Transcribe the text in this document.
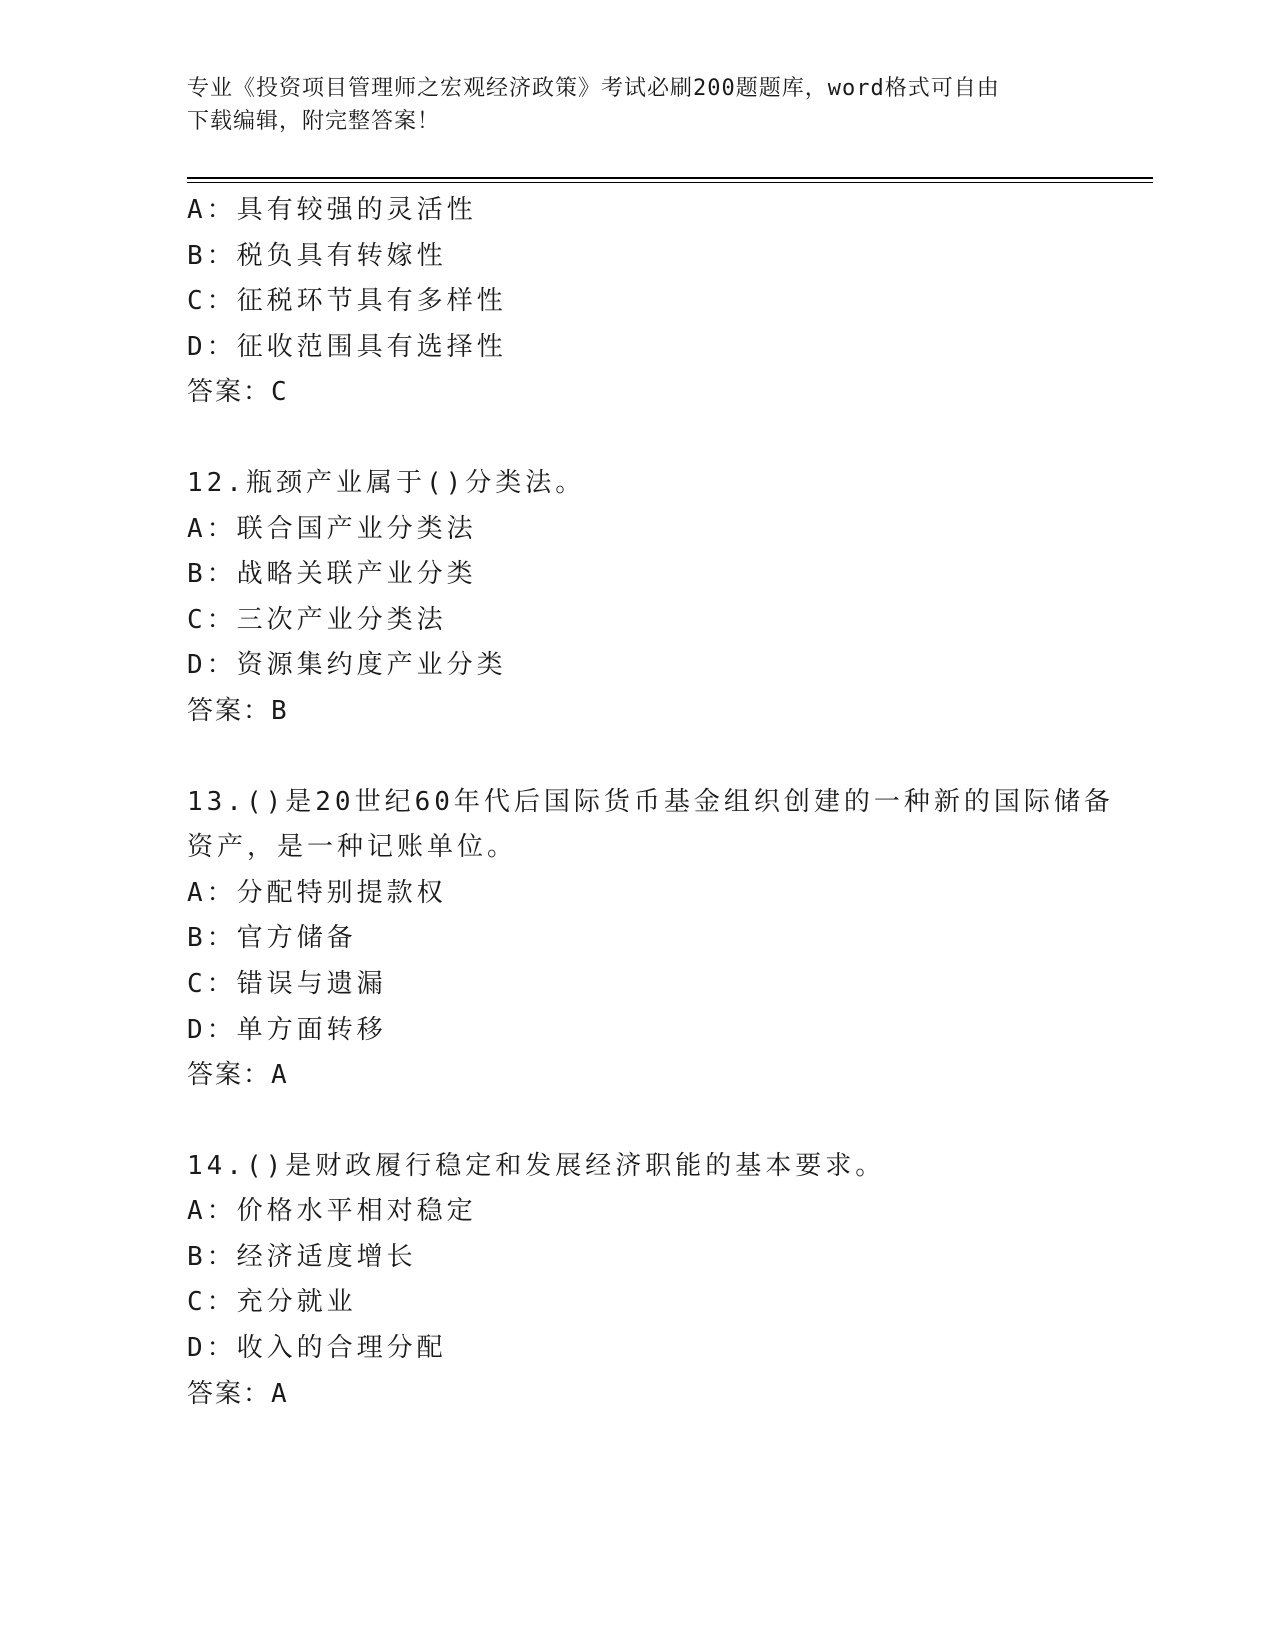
专业《投资项目管理师之宏观经济政策》考试必刷200题题库，word格式可自由
下载编辑，附完整答案！
A：具有较强的灵活性
B：税负具有转嫁性
C：征税环节具有多样性
D：征收范围具有选择性
答案：C
12.瓶颈产业属于()分类法。
A：联合国产业分类法
B：战略关联产业分类
C：三次产业分类法
D：资源集约度产业分类
答案：B
13.()是20世纪60年代后国际货币基金组织创建的一种新的国际储备
资产，是一种记账单位。
A：分配特别提款权
B：官方储备
C：错误与遗漏
D：单方面转移
答案：A
14.()是财政履行稳定和发展经济职能的基本要求。
A：价格水平相对稳定
B：经济适度增长
C：充分就业
D：收入的合理分配
答案：A
